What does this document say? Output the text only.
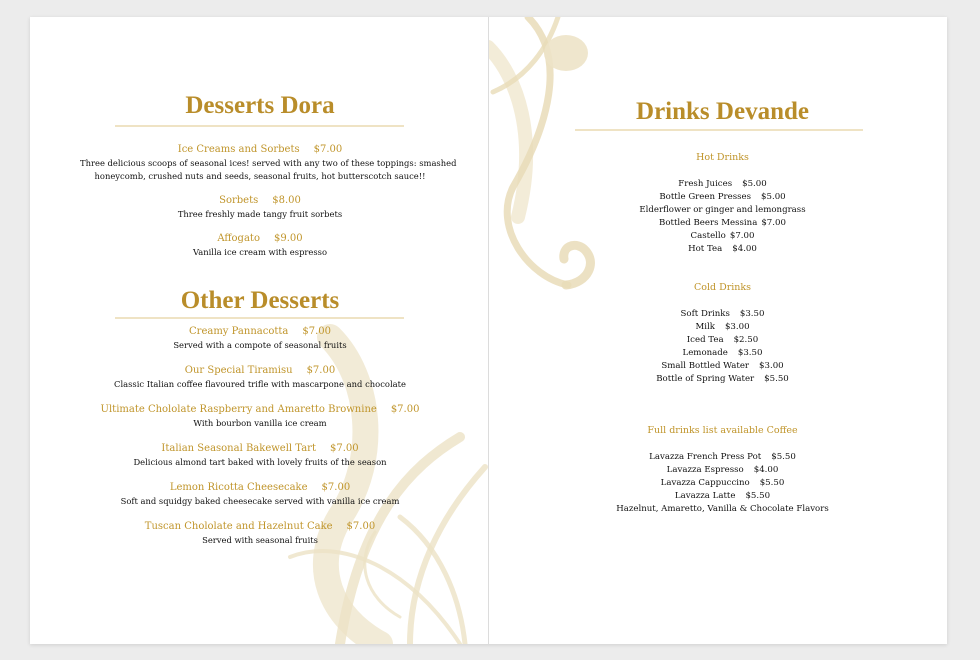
Desserts Dora
Ice Creams and Sorbets $7.00
Three delicious scoops of seasonal ices! served with any two of these toppings: smashed
honeycomb, crushed nuts and seeds, seasonal fruits, hot butterscotch sauce!!
Sorbets $8.00
Three freshly made tangy fruit sorbets
Affogato $9.00
Vanilla ice cream with espresso
Other Desserts
Creamy Pannacotta $7.00
Served with a compote of seasonal fruits
Our Special Tiramisu $7.00
Classic Italian coffee flavoured trifle with mascarpone and chocolate
Ultimate Chololate Raspberry and Amaretto Brownine $7.00
With bourbon vanilla ice cream
Italian Seasonal Bakewell Tart $7.00
Delicious almond tart baked with lovely fruits of the season
Lemon Ricotta Cheesecake $7.00
Soft and squidgy baked cheesecake served with vanilla ice cream
Tuscan Chololate and Hazelnut Cake $7.00
Served with seasonal fruits
Drinks Devande
Hot Drinks
Fresh Juices $5.00
Bottle Green Presses $5.00
Elderflower or ginger and lemongrass
Bottled Beers Messina $7.00
Castello $7.00
Hot Tea $4.00
Cold Drinks
Soft Drinks $3.50
Milk $3.00
Iced Tea $2.50
Lemonade $3.50
Small Bottled Water $3.00
Bottle of Spring Water $5.50
Full drinks list available Coffee
Lavazza French Press Pot $5.50
Lavazza Espresso $4.00
Lavazza Cappuccino $5.50
Lavazza Latte $5.50
Hazelnut, Amaretto, Vanilla & Chocolate Flavors
